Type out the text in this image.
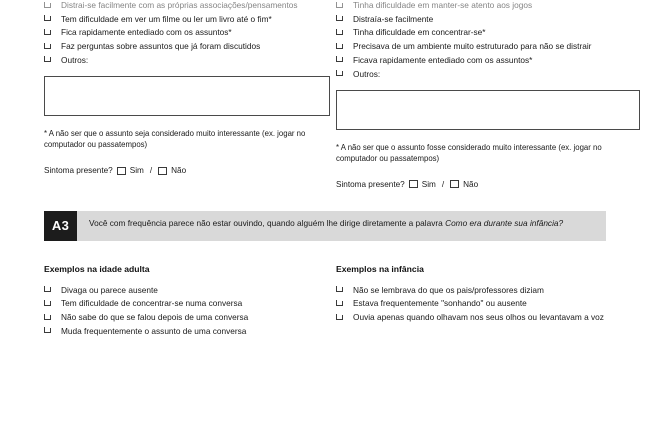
Distrai-se facilmente com as próprias associações/pensamentos
Tem dificuldade em ver um filme ou ler um livro até o fim*
Fica rapidamente entediado com os assuntos*
Faz perguntas sobre assuntos que já foram discutidos
Outros:
* A não ser que o assunto seja considerado muito interessante (ex. jogar no computador ou passatempos)
Sintoma presente? Sim / Não
Tinha dificuldade em manter-se atento aos jogos
Distraía-se facilmente
Tinha dificuldade em concentrar-se*
Precisava de um ambiente muito estruturado para não se distrair
Ficava rapidamente entediado com os assuntos*
Outros:
* A não ser que o assunto fosse considerado muito interessante (ex. jogar no computador ou passatempos)
Sintoma presente? Sim / Não
A3	Você com frequência parece não estar ouvindo, quando alguém lhe dirige diretamente a palavra Como era durante sua infância?
Exemplos na idade adulta	Exemplos na infância
Divaga ou parece ausente
Tem dificuldade de concentrar-se numa conversa
Não sabe do que se falou depois de uma conversa
Muda frequentemente o assunto de uma conversa
Não se lembrava do que os pais/professores diziam
Estava frequentemente "sonhando" ou ausente
Ouvia apenas quando olhavam nos seus olhos ou levantavam a voz
